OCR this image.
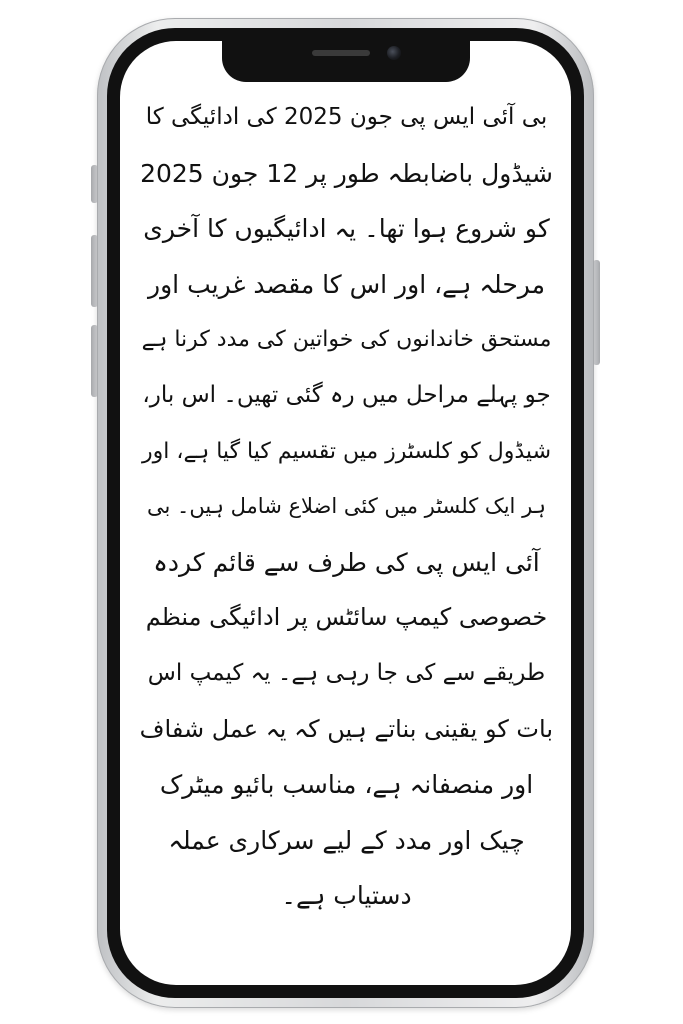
بی آئی ایس پی جون 2025 کی ادائیگی کا
شیڈول باضابطہ طور پر 12 جون 2025
کو شروع ہوا تھا۔ یہ ادائیگیوں کا آخری
مرحلہ ہے، اور اس کا مقصد غریب اور
مستحق خاندانوں کی خواتین کی مدد کرنا ہے
جو پہلے مراحل میں رہ گئی تھیں۔ اس بار،
شیڈول کو کلسٹرز میں تقسیم کیا گیا ہے، اور
ہر ایک کلسٹر میں کئی اضلاع شامل ہیں۔ بی
آئی ایس پی کی طرف سے قائم کردہ
خصوصی کیمپ سائٹس پر ادائیگی منظم
طریقے سے کی جا رہی ہے۔ یہ کیمپ اس
بات کو یقینی بناتے ہیں کہ یہ عمل شفاف
اور منصفانہ ہے، مناسب بائیو میٹرک
چیک اور مدد کے لیے سرکاری عملہ
دستیاب ہے۔
